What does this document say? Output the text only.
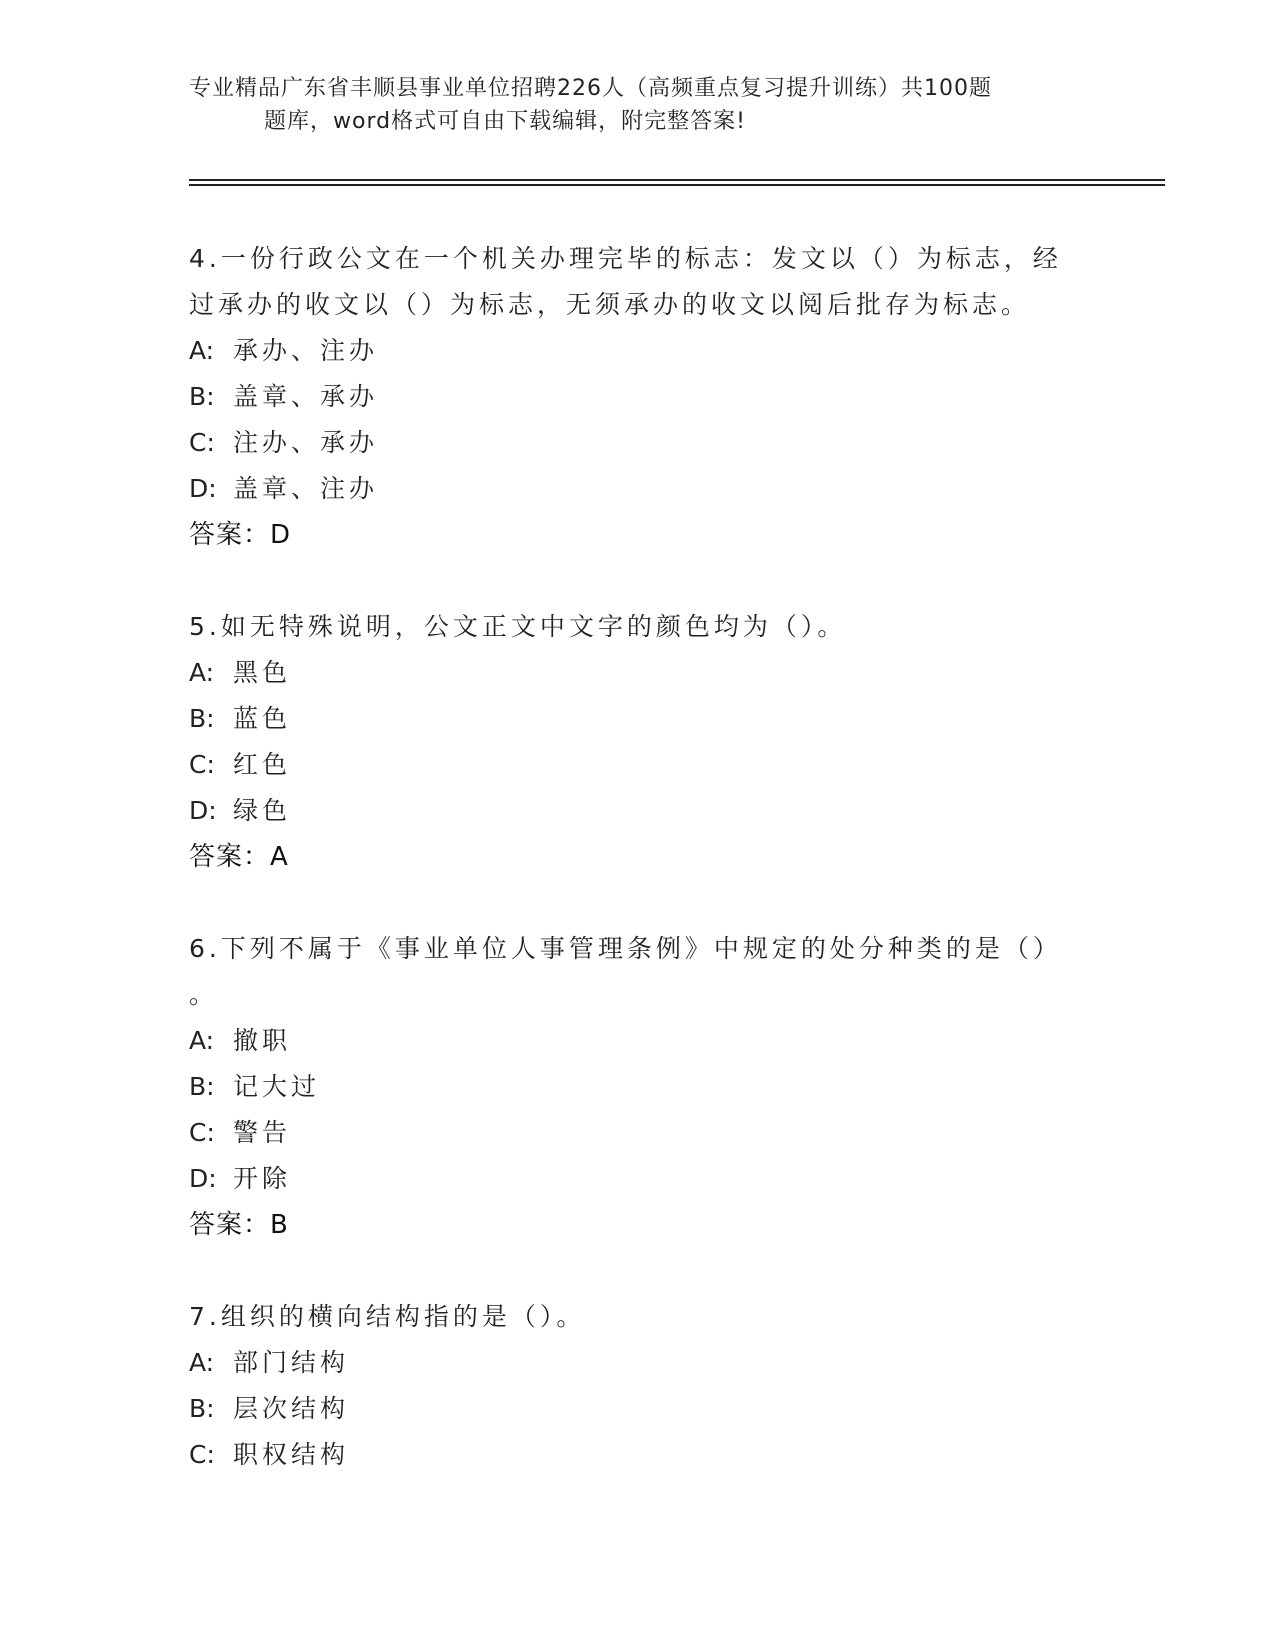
专业精品广东省丰顺县事业单位招聘226人（高频重点复习提升训练）共100题
题库，word格式可自由下载编辑，附完整答案!

4.一份行政公文在一个机关办理完毕的标志：发文以（）为标志，经

过承办的收文以（）为标志，无须承办的收文以阅后批存为标志。

A: 承办、注办

B: 盖章、承办

C: 注办、承办

D: 盖章、注办

答案：D

5.如无特殊说明，公文正文中文字的颜色均为（）。

A: 黑色

B: 蓝色

C: 红色

D: 绿色

答案：A

6.下列不属于《事业单位人事管理条例》中规定的处分种类的是（）

。

A: 撤职

B: 记大过

C: 警告

D: 开除

答案：B

7.组织的横向结构指的是（）。

A: 部门结构

B: 层次结构

C: 职权结构
